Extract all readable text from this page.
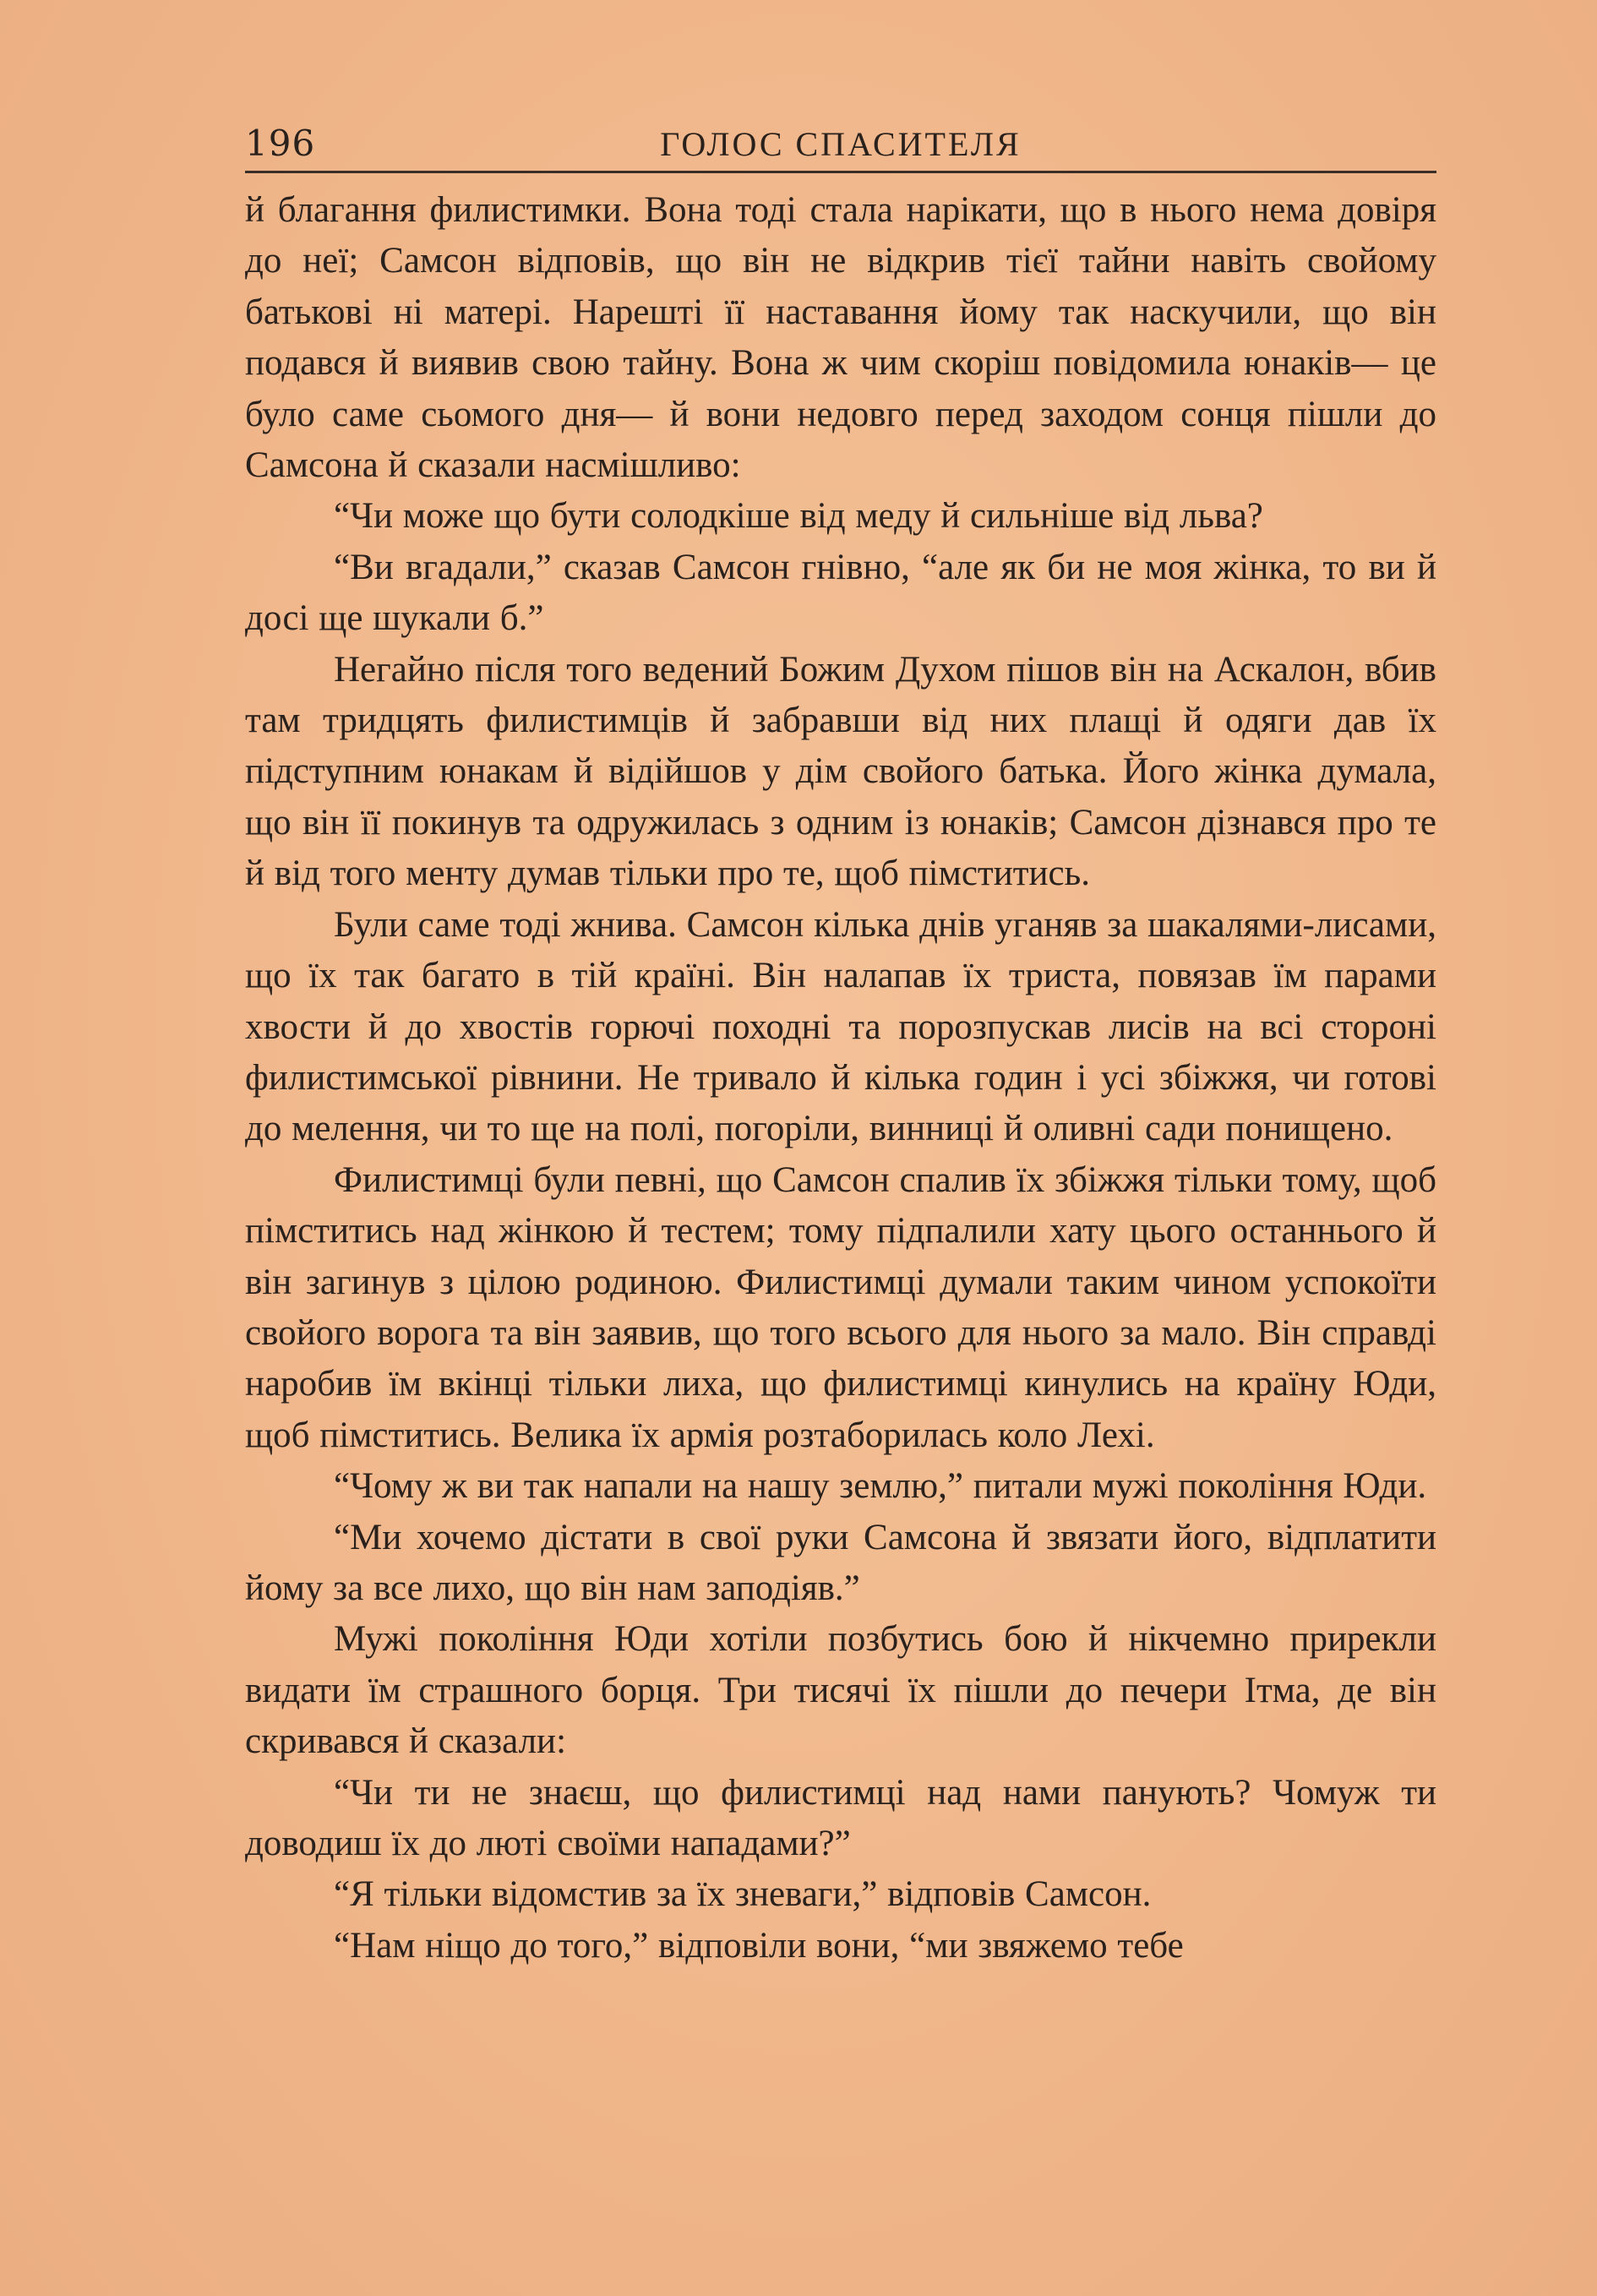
196	ГОЛОС СПАСИТЕЛЯ

й благання филистимки. Вона тоді стала нарікати, що в нього нема довіря до неї; Самсон відповів, що він не відкрив тієї тайни навіть свойому батькові ні матері. Нарешті її наставання йому так наскучили, що він подався й виявив свою тайну. Вона ж чим скоріш повідомила юнаків— це було саме сьомого дня— й вони недовго перед заходом сонця пішли до Самсона й сказали насмішливо:

“Чи може що бути солодкіше від меду й сильніше від льва?

“Ви вгадали,” сказав Самсон гнівно, “але як би не моя жінка, то ви й досі ще шукали б.”

Негайно після того ведений Божим Духом пішов він на Аскалон, вбив там тридцять филистимців й забравши від них плащі й одяги дав їх підступним юнакам й відійшов у дім свойого батька. Його жінка думала, що він її покинув та одружилась з одним із юнаків; Самсон дізнався про те й від того менту думав тільки про те, щоб пімститись.

Були саме тоді жнива. Самсон кілька днів уганяв за шакалями-лисами, що їх так багато в тій країні. Він налапав їх триста, повязав їм парами хвости й до хвостів горючі походні та порозпускав лисів на всі стороні филистимської рівнини. Не тривало й кілька годин і усі збіжжя, чи готові до мелення, чи то ще на полі, погоріли, винниці й оливні сади понищено.

Филистимці були певні, що Самсон спалив їх збіжжя тільки тому, щоб пімститись над жінкою й тестем; тому підпалили хату цього останнього й він загинув з цілою родиною. Филистимці думали таким чином успокоїти свойого ворога та він заявив, що того всього для нього за мало. Він справді наробив їм вкінці тільки лиха, що филистимці кинулись на країну Юди, щоб пімститись. Велика їх армія розтаборилась коло Лехі.

“Чому ж ви так напали на нашу землю,” питали мужі покоління Юди.

“Ми хочемо дістати в свої руки Самсона й звязати його, відплатити йому за все лихо, що він нам заподіяв.”

Мужі покоління Юди хотіли позбутись бою й нікчемно прирекли видати їм страшного борця. Три тисячі їх пішли до печери Ітма, де він скривався й сказали:

“Чи ти не знаєш, що филистимці над нами панують? Чомуж ти доводиш їх до люті своїми нападами?”

“Я тільки відомстив за їх зневаги,” відповів Самсон.

“Нам ніщо до того,” відповіли вони, “ми звяжемо тебе
